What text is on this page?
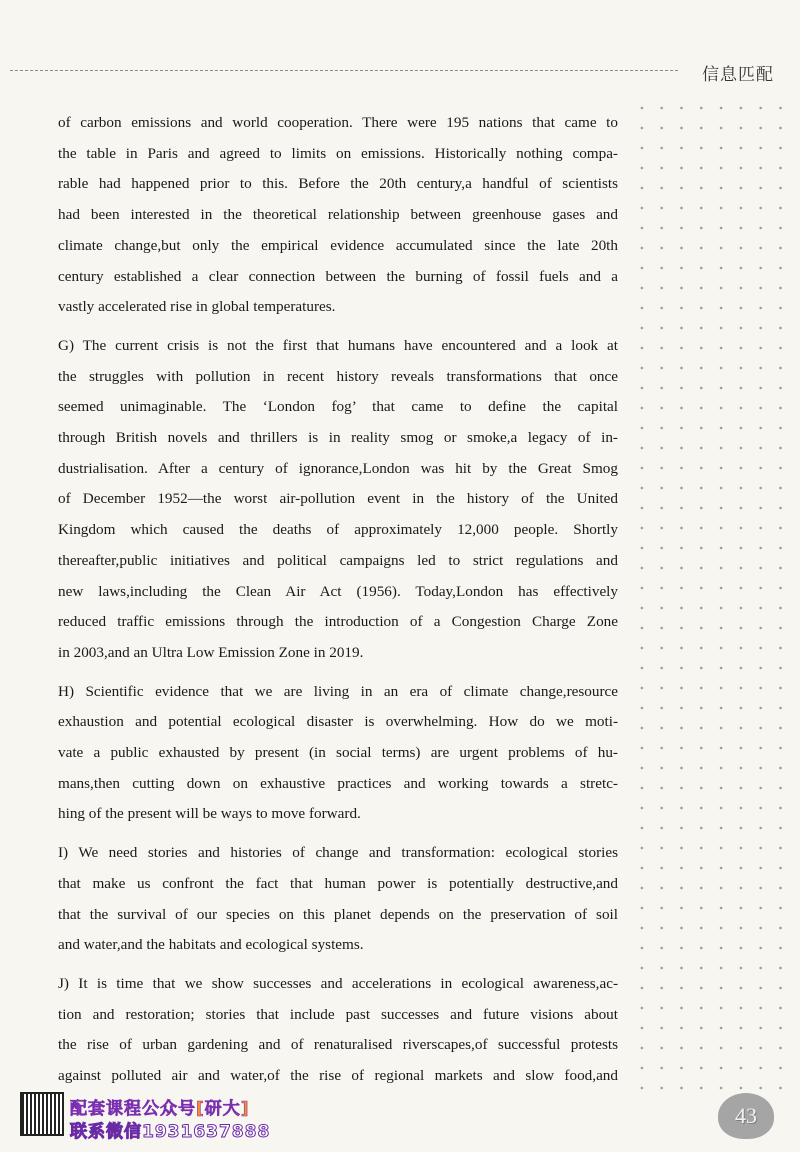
信息匹配

of carbon emissions and world cooperation. There were 195 nations that came to
the table in Paris and agreed to limits on emissions. Historically nothing compa-
rable had happened prior to this. Before the 20th century,a handful of scientists
had been interested in the theoretical relationship between greenhouse gases and
climate change,but only the empirical evidence accumulated since the late 20th
century established a clear connection between the burning of fossil fuels and a
vastly accelerated rise in global temperatures.

G) The current crisis is not the first that humans have encountered and a look at
the struggles with pollution in recent history reveals transformations that once
seemed unimaginable. The ‘London fog’ that came to define the capital
through British novels and thrillers is in reality smog or smoke,a legacy of in-
dustrialisation. After a century of ignorance,London was hit by the Great Smog
of December 1952—the worst air-pollution event in the history of the United
Kingdom which caused the deaths of approximately 12,000 people. Shortly
thereafter,public initiatives and political campaigns led to strict regulations and
new laws,including the Clean Air Act (1956). Today,London has effectively
reduced traffic emissions through the introduction of a Congestion Charge Zone
in 2003,and an Ultra Low Emission Zone in 2019.

H) Scientific evidence that we are living in an era of climate change,resource
exhaustion and potential ecological disaster is overwhelming. How do we moti-
vate a public exhausted by present (in social terms) are urgent problems of hu-
mans,then cutting down on exhaustive practices and working towards a stretc-
hing of the present will be ways to move forward.

I) We need stories and histories of change and transformation: ecological stories
that make us confront the fact that human power is potentially destructive,and
that the survival of our species on this planet depends on the preservation of soil
and water,and the habitats and ecological systems.

J) It is time that we show successes and accelerations in ecological awareness,ac-
tion and restoration; stories that include past successes and future visions about
the rise of urban gardening and of renaturalised riverscapes,of successful protests
against polluted air and water,of the rise of regional markets and slow food,and

配套课程公众号[研大]
联系微信1931637888
43
